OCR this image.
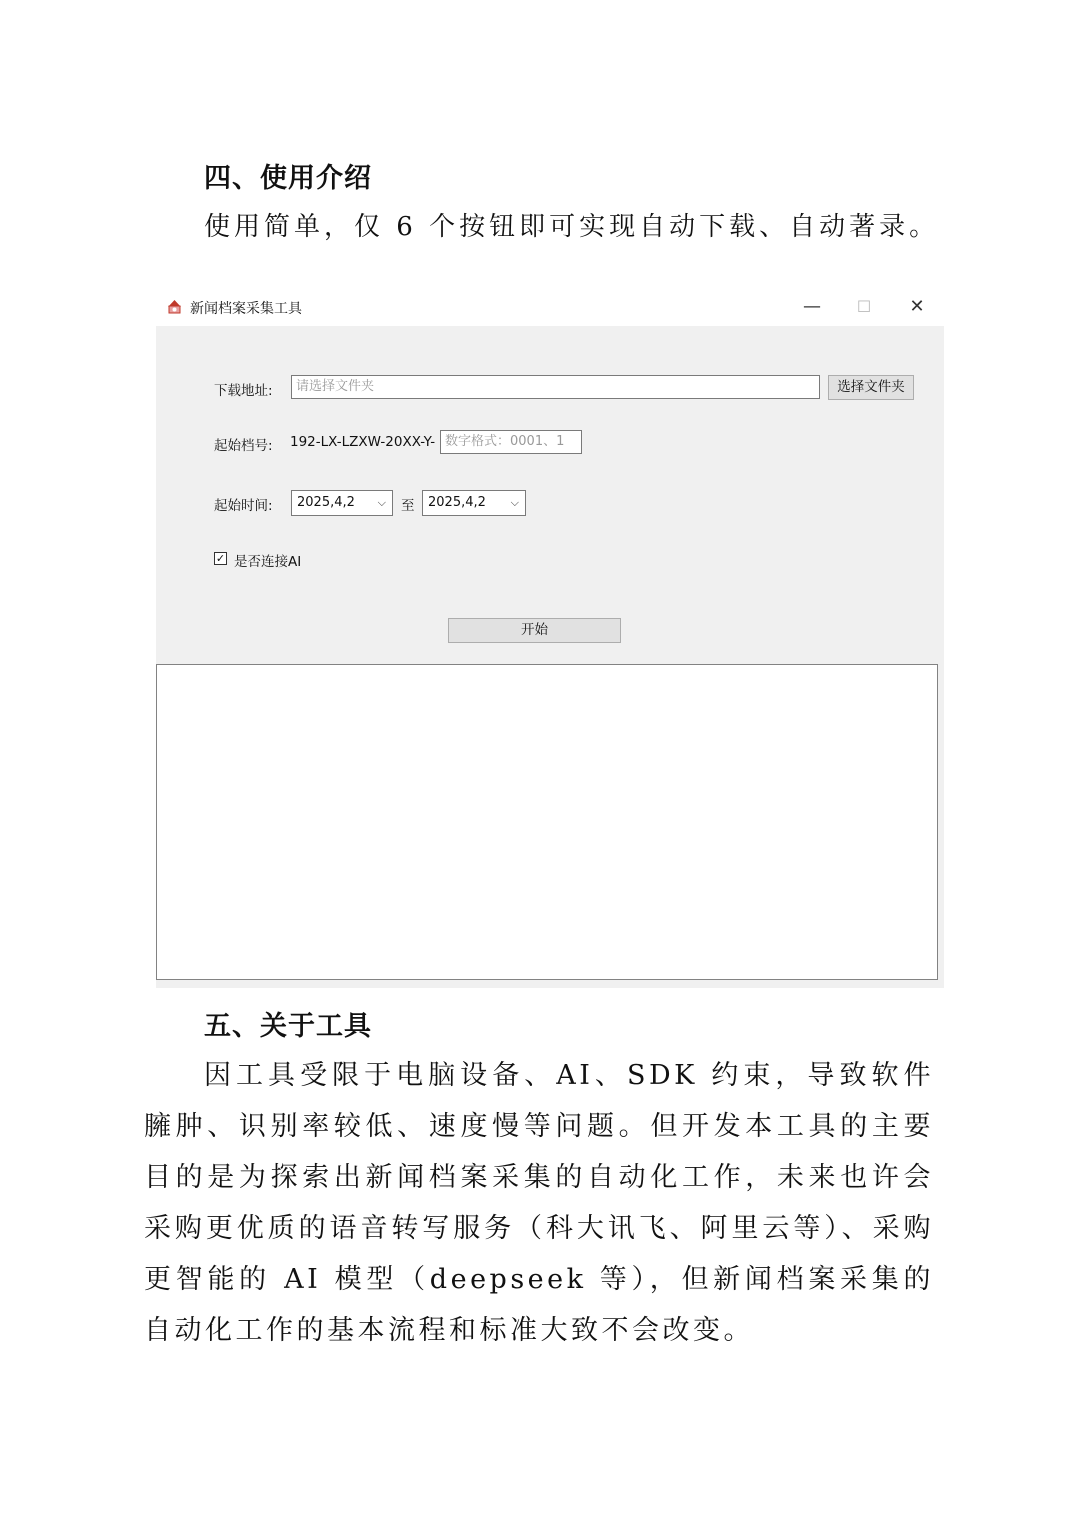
四、使用介绍
使用简单，仅 6 个按钮即可实现自动下载、自动著录。
新闻档案采集工具	—	☐	✕
下载地址:	请选择文件夹	选择文件夹
起始档号: 192-LX-LZXW-20XX-Y- 数字格式：0001、1
起始时间:	2025,4,2 ⌵ 至	2025,4,2 ⌵
✓ 是否连接AI
开始
五、关于工具
因工具受限于电脑设备、AI、SDK 约束，导致软件臃肿、识别率较低、速度慢等问题。但开发本工具的主要目的是为探索出新闻档案采集的自动化工作，未来也许会采购更优质的语音转写服务（科大讯飞、阿里云等）、采购更智能的 AI 模型（deepseek 等），但新闻档案采集的自动化工作的基本流程和标准大致不会改变。
